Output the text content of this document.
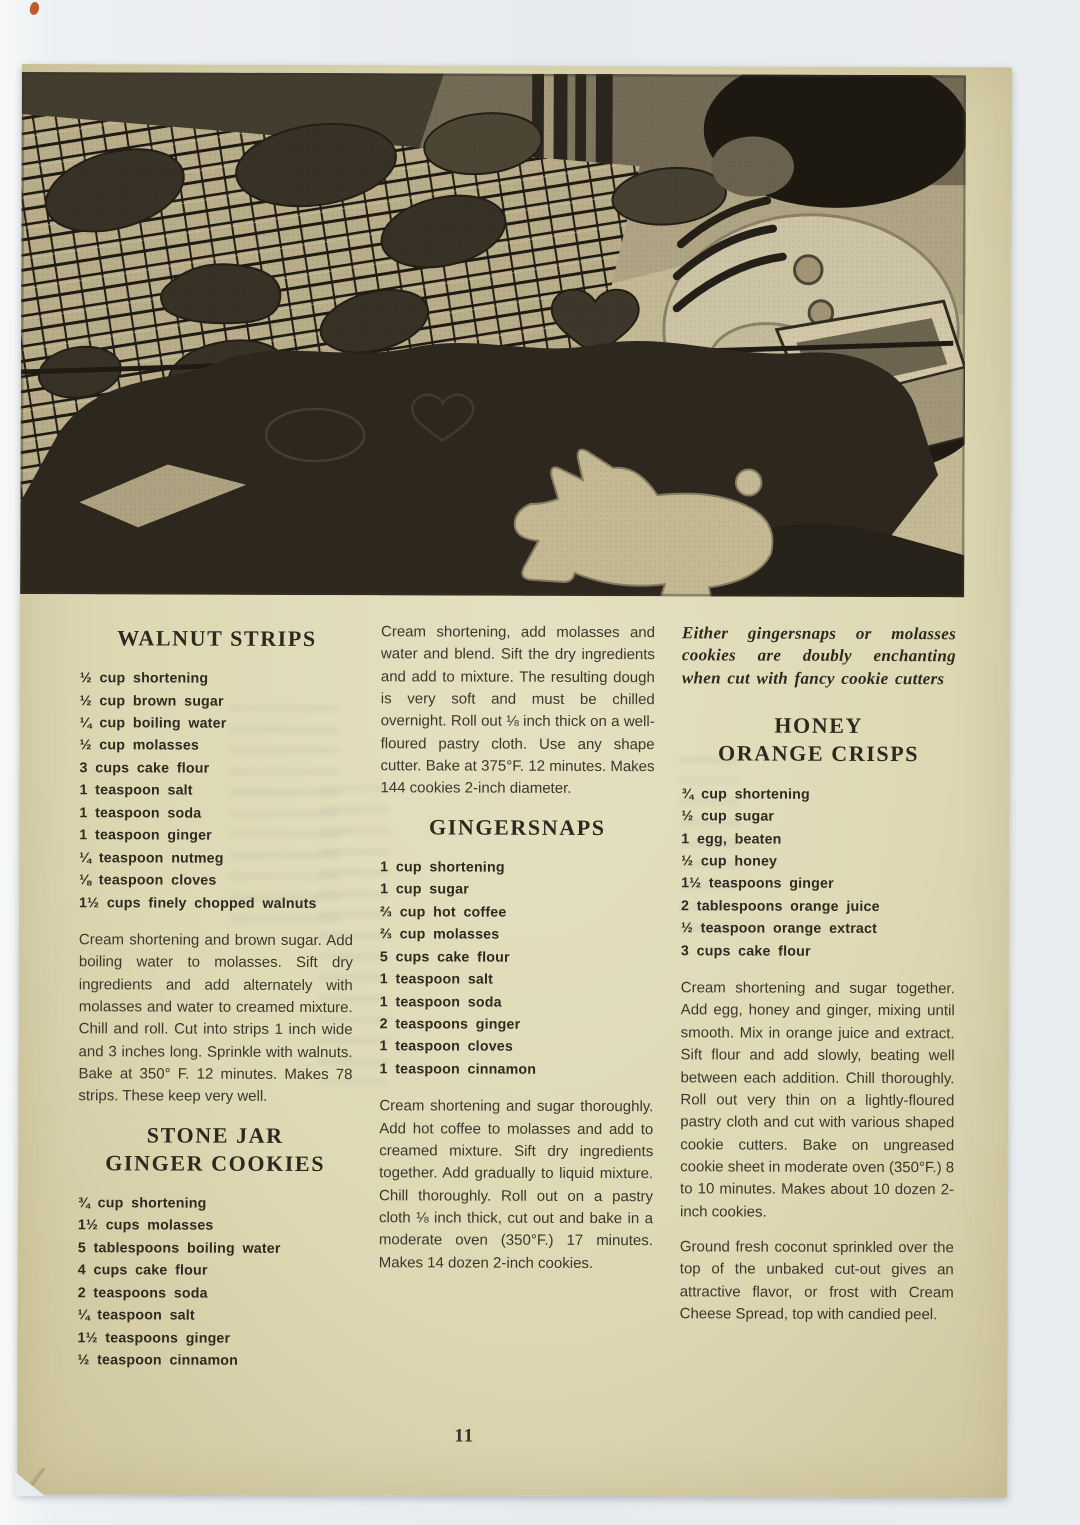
WALNUT STRIPS
½ cup shortening
½ cup brown sugar
¼ cup boiling water
½ cup molasses
3 cups cake flour
1 teaspoon salt
1 teaspoon soda
1 teaspoon ginger
¼ teaspoon nutmeg
⅛ teaspoon cloves
1½ cups finely chopped walnuts

Cream shortening and brown sugar. Add boiling water to molasses. Sift dry ingredients and add alternately with molasses and water to creamed mixture. Chill and roll. Cut into strips 1 inch wide and 3 inches long. Sprinkle with walnuts. Bake at 350° F. 12 minutes. Makes 78 strips. These keep very well.

STONE JAR
GINGER COOKIES
¾ cup shortening
1½ cups molasses
5 tablespoons boiling water
4 cups cake flour
2 teaspoons soda
¼ teaspoon salt
1½ teaspoons ginger
½ teaspoon cinnamon

Cream shortening, add molasses and water and blend. Sift the dry ingredients and add to mixture. The resulting dough is very soft and must be chilled overnight. Roll out ⅛ inch thick on a well-floured pastry cloth. Use any shape cutter. Bake at 375°F. 12 minutes. Makes 144 cookies 2-inch diameter.

GINGERSNAPS
1 cup shortening
1 cup sugar
⅔ cup hot coffee
⅔ cup molasses
5 cups cake flour
1 teaspoon salt
1 teaspoon soda
2 teaspoons ginger
1 teaspoon cloves
1 teaspoon cinnamon

Cream shortening and sugar thoroughly. Add hot coffee to molasses and add to creamed mixture. Sift dry ingredients together. Add gradually to liquid mixture. Chill thoroughly. Roll out on a pastry cloth ⅛ inch thick, cut out and bake in a moderate oven (350°F.) 17 minutes. Makes 14 dozen 2-inch cookies.

Either gingersnaps or molasses cookies are doubly enchanting when cut with fancy cookie cutters

HONEY
ORANGE CRISPS
¾ cup shortening
½ cup sugar
1 egg, beaten
½ cup honey
1½ teaspoons ginger
2 tablespoons orange juice
½ teaspoon orange extract
3 cups cake flour

Cream shortening and sugar together. Add egg, honey and ginger, mixing until smooth. Mix in orange juice and extract. Sift flour and add slowly, beating well between each addition. Chill thoroughly. Roll out very thin on a lightly-floured pastry cloth and cut with various shaped cookie cutters. Bake on ungreased cookie sheet in moderate oven (350°F.) 8 to 10 minutes. Makes about 10 dozen 2-inch cookies.

Ground fresh coconut sprinkled over the top of the unbaked cut-out gives an attractive flavor, or frost with Cream Cheese Spread, top with candied peel.

11
